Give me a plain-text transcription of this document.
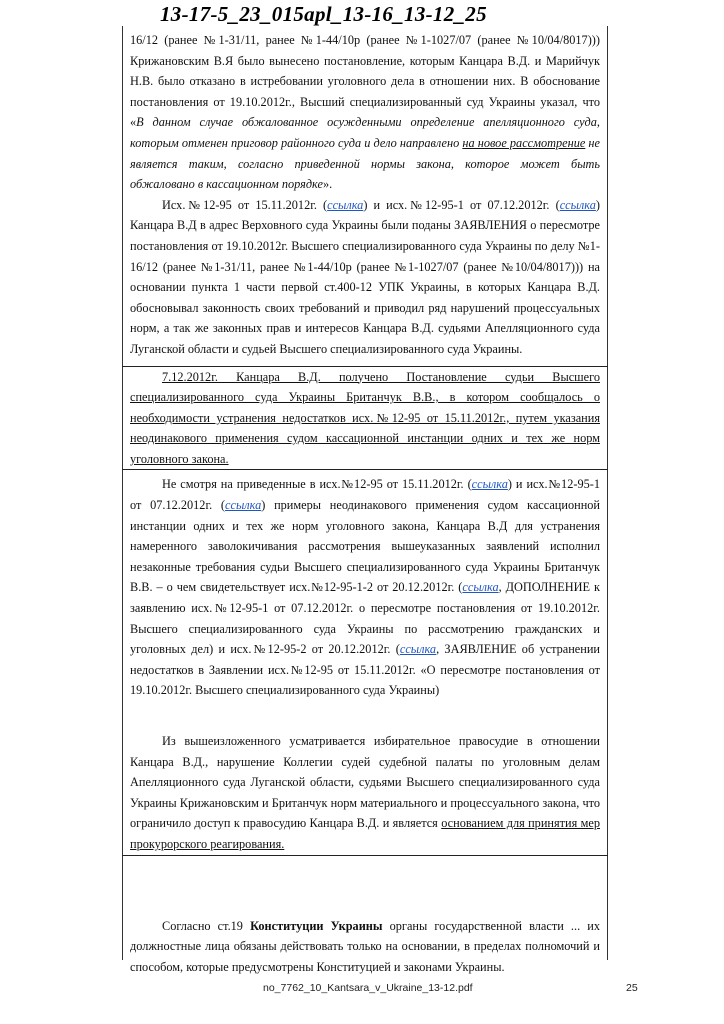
13-17-5_23_015apl_13-16_13-12_25

16/12 (ранее №1-31/11, ранее №1-44/10р (ранее №1-1027/07 (ранее №10/04/8017))) Крижановским В.Я было вынесено постановление, которым Канцара В.Д. и Марийчук Н.В. было отказано в истребовании уголовного дела в отношении них. В обоснование постановления от 19.10.2012г., Высший специализированный суд Украины указал, что «В данном случае обжалованное осужденными определение апелляционного суда, которым отменен приговор районного суда и дело направлено на новое рассмотрение не является таким, согласно приведенной нормы закона, которое может быть обжаловано в кассационном порядке».

Исх.№12-95 от 15.11.2012г. (ссылка) и исх.№12-95-1 от 07.12.2012г. (ссылка) Канцара В.Д в адрес Верховного суда Украины были поданы ЗАЯВЛЕНИЯ о пересмотре постановления от 19.10.2012г. Высшего специализированного суда Украины по делу №1-16/12 (ранее №1-31/11, ранее №1-44/10р (ранее №1-1027/07 (ранее №10/04/8017))) на основании пункта 1 части первой ст.400-12 УПК Украины, в которых Канцара В.Д. обосновывал законность своих требований и приводил ряд нарушений процессуальных норм, а так же законных прав и интересов Канцара В.Д. судьями Апелляционного суда Луганской области и судьей Высшего специализированного суда Украины.

7.12.2012г. Канцара В.Д. получено Постановление судьи Высшего специализированного суда Украины Британчук В.В., в котором сообщалось о необходимости устранения недостатков исх.№12-95 от 15.11.2012г., путем указания неодинакового применения судом кассационной инстанции одних и тех же норм уголовного закона.

Не смотря на приведенные в исх.№12-95 от 15.11.2012г. (ссылка) и исх.№12-95-1 от 07.12.2012г. (ссылка) примеры неодинакового применения судом кассационной инстанции одних и тех же норм уголовного закона, Канцара В.Д для устранения намеренного заволокичивания рассмотрения вышеуказанных заявлений исполнил незаконные требования судьи Высшего специализированного суда Украины Британчук В.В. – о чем свидетельствует исх.№12-95-1-2 от 20.12.2012г. (ссылка, ДОПОЛНЕНИЕ к заявлению исх.№12-95-1 от 07.12.2012г. о пересмотре постановления от 19.10.2012г. Высшего специализированного суда Украины по рассмотрению гражданских и уголовных дел) и исх.№12-95-2 от 20.12.2012г. (ссылка, ЗАЯВЛЕНИЕ об устранении недостатков в Заявлении исх.№12-95 от 15.11.2012г. «О пересмотре постановления от 19.10.2012г. Высшего специализированного суда Украины)

Из вышеизложенного усматривается избирательное правосудие в отношении Канцара В.Д., нарушение Коллегии судей судебной палаты по уголовным делам Апелляционного суда Луганской области, судьями Высшего специализированного суда Украины Крижановским и Британчук норм материального и процессуального закона, что ограничило доступ к правосудию Канцара В.Д. и является основанием для принятия мер прокурорского реагирования.

Согласно ст.19 Конституции Украины органы государственной власти ... их должностные лица обязаны действовать только на основании, в пределах полномочий и способом, которые предусмотрены Конституцией и законами Украины.

no_7762_10_Kantsara_v_Ukraine_13-12.pdf	25
